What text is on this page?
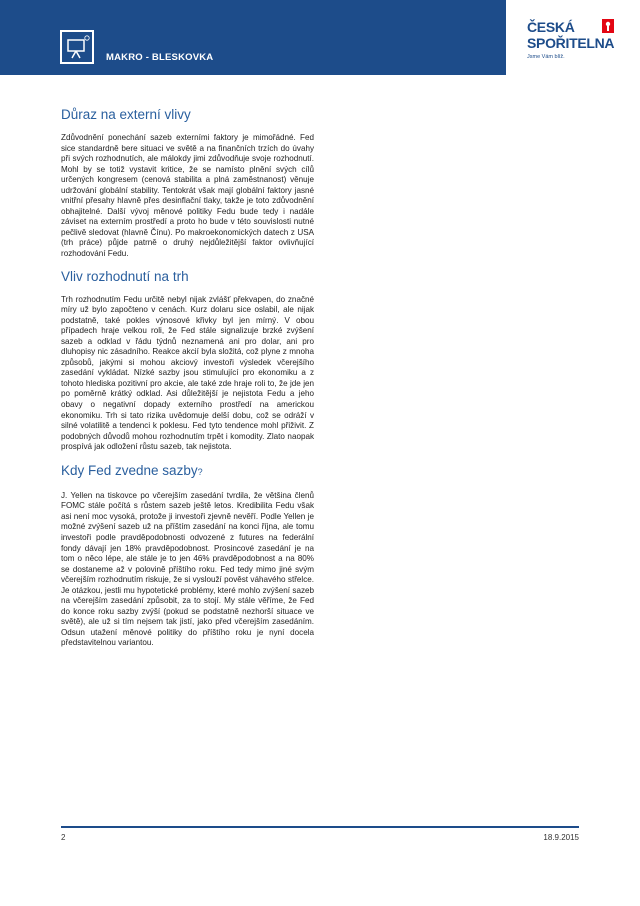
MAKRO - BLESKOVKA
ČESKÁ
SPOŘITELNA
Jsme Vám blíž.
Důraz na externí vlivy

Zdůvodnění ponechání sazeb externími faktory je mimořádné. Fed sice standardně bere situaci ve světě a na finančních trzích do úvahy při svých rozhodnutích, ale málokdy jimi zdůvodňuje svoje rozhodnutí. Mohl by se totiž vystavit kritice, že se namísto plnění svých cílů určených kongresem (cenová stabilita a plná zaměstnanost) věnuje udržování globální stability. Tentokrát však mají globální faktory jasné vnitřní přesahy hlavně přes desinflační tlaky, takže je toto zdůvodnění obhajitelné. Další vývoj měnové politiky Fedu bude tedy i nadále záviset na externím prostředí a proto ho bude v této souvislosti nutné pečlivě sledovat (hlavně Čínu). Po makroekonomických datech z USA (trh práce) půjde patrně o druhý nejdůležitější faktor ovlivňující rozhodování Fedu.

Vliv rozhodnutí na trh

Trh rozhodnutím Fedu určitě nebyl nijak zvlášť překvapen, do značné míry už bylo započteno v cenách. Kurz dolaru sice oslabil, ale nijak podstatně, také pokles výnosové křivky byl jen mírný. V obou případech hraje velkou roli, že Fed stále signalizuje brzké zvýšení sazeb a odklad v řádu týdnů neznamená ani pro dolar, ani pro dluhopisy nic zásadního. Reakce akcií byla složitá, což plyne z mnoha způsobů, jakými si mohou akciový investoři výsledek včerejšího zasedání vykládat. Nízké sazby jsou stimulující pro ekonomiku a z tohoto hlediska pozitivní pro akcie, ale také zde hraje roli to, že jde jen po poměrně krátký odklad. Asi důležitější je nejistota Fedu a jeho obavy o negativní dopady externího prostředí na americkou ekonomiku. Trh si tato rizika uvědomuje delší dobu, což se odráží v silné volatilitě a tendenci k poklesu. Fed tyto tendence mohl přiživit. Z podobných důvodů mohou rozhodnutím trpět i komodity. Zlato naopak prospívá jak odložení růstu sazeb, tak nejistota.

Kdy Fed zvedne sazby?

J. Yellen na tiskovce po včerejším zasedání tvrdila, že většina členů FOMC stále počítá s růstem sazeb ještě letos. Kredibilita Fedu však asi není moc vysoká, protože ji investoři zjevně nevěří. Podle Yellen je možné zvýšení sazeb už na příštím zasedání na konci října, ale tomu investoři podle pravděpodobnosti odvozené z futures na federální fondy dávají jen 18% pravděpodobnost. Prosincové zasedání je na tom o něco lépe, ale stále je to jen 46% pravděpodobnost a na 80% se dostaneme až v polovině příštího roku. Fed tedy mimo jiné svým včerejším rozhodnutím riskuje, že si vyslouží pověst váhavého střelce. Je otázkou, jestli mu hypotetické problémy, které mohlo zvýšení sazeb na včerejším zasedání způsobit, za to stojí. My stále věříme, že Fed do konce roku sazby zvýší (pokud se podstatně nezhorší situace ve světě), ale už si tím nejsem tak jistí, jako před včerejším zasedáním. Odsun utažení měnové politiky do příštího roku je nyní docela představitelnou variantou.

2	18.9.2015
